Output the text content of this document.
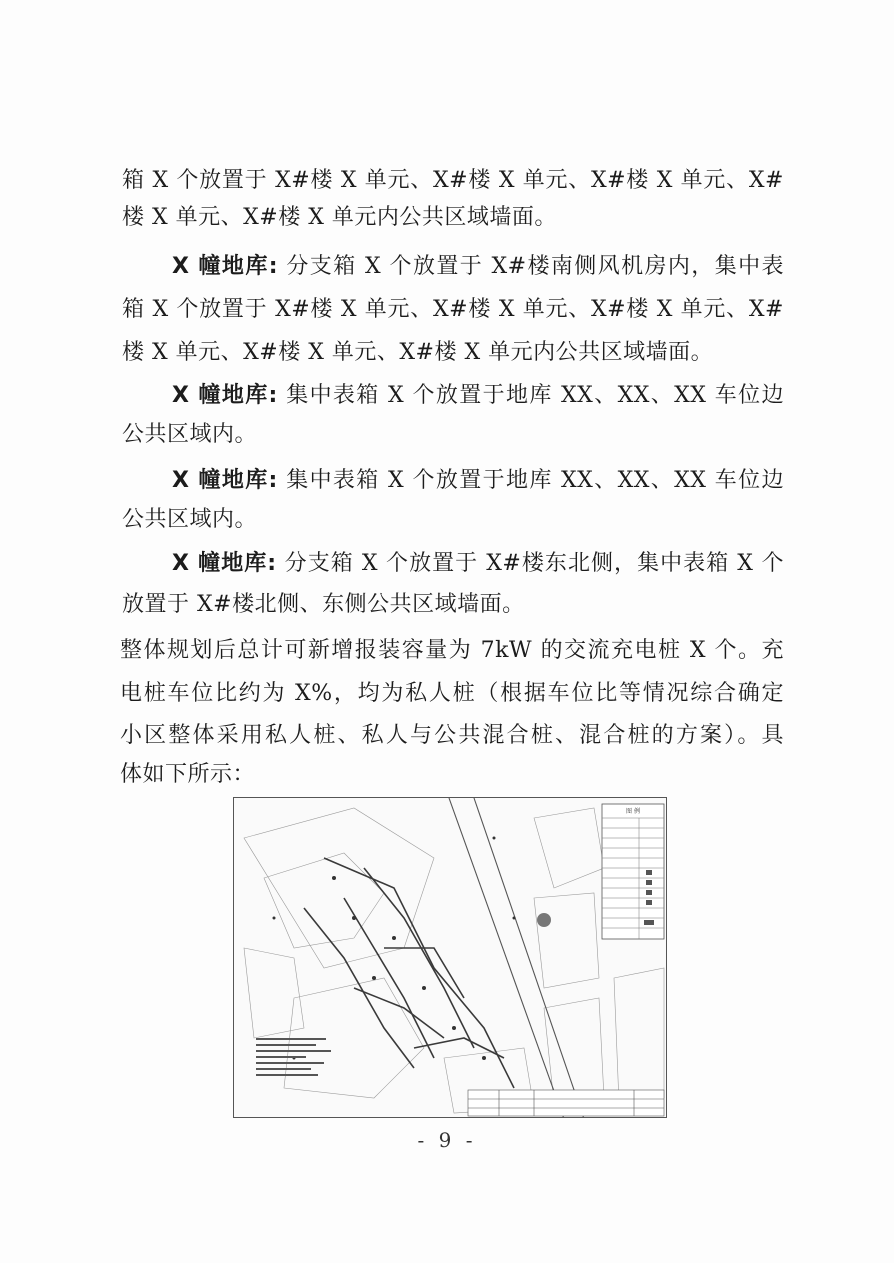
箱 X 个放置于 X#楼 X 单元、X#楼 X 单元、X#楼 X 单元、X#
楼 X 单元、X#楼 X 单元内公共区域墙面。
X 幢地库: 分支箱 X 个放置于 X#楼南侧风机房内，集中表
箱 X 个放置于 X#楼 X 单元、X#楼 X 单元、X#楼 X 单元、X#
楼 X 单元、X#楼 X 单元、X#楼 X 单元内公共区域墙面。
X 幢地库: 集中表箱 X 个放置于地库 XX、XX、XX 车位边
公共区域内。
X 幢地库: 集中表箱 X 个放置于地库 XX、XX、XX 车位边
公共区域内。
X 幢地库: 分支箱 X 个放置于 X#楼东北侧，集中表箱 X 个
放置于 X#楼北侧、东侧公共区域墙面。
整体规划后总计可新增报装容量为 7kW 的交流充电桩 X 个。充
电桩车位比约为 X%，均为私人桩（根据车位比等情况综合确定
小区整体采用私人桩、私人与公共混合桩、混合桩的方案）。具
体如下所示：
图 例
- 9 -
